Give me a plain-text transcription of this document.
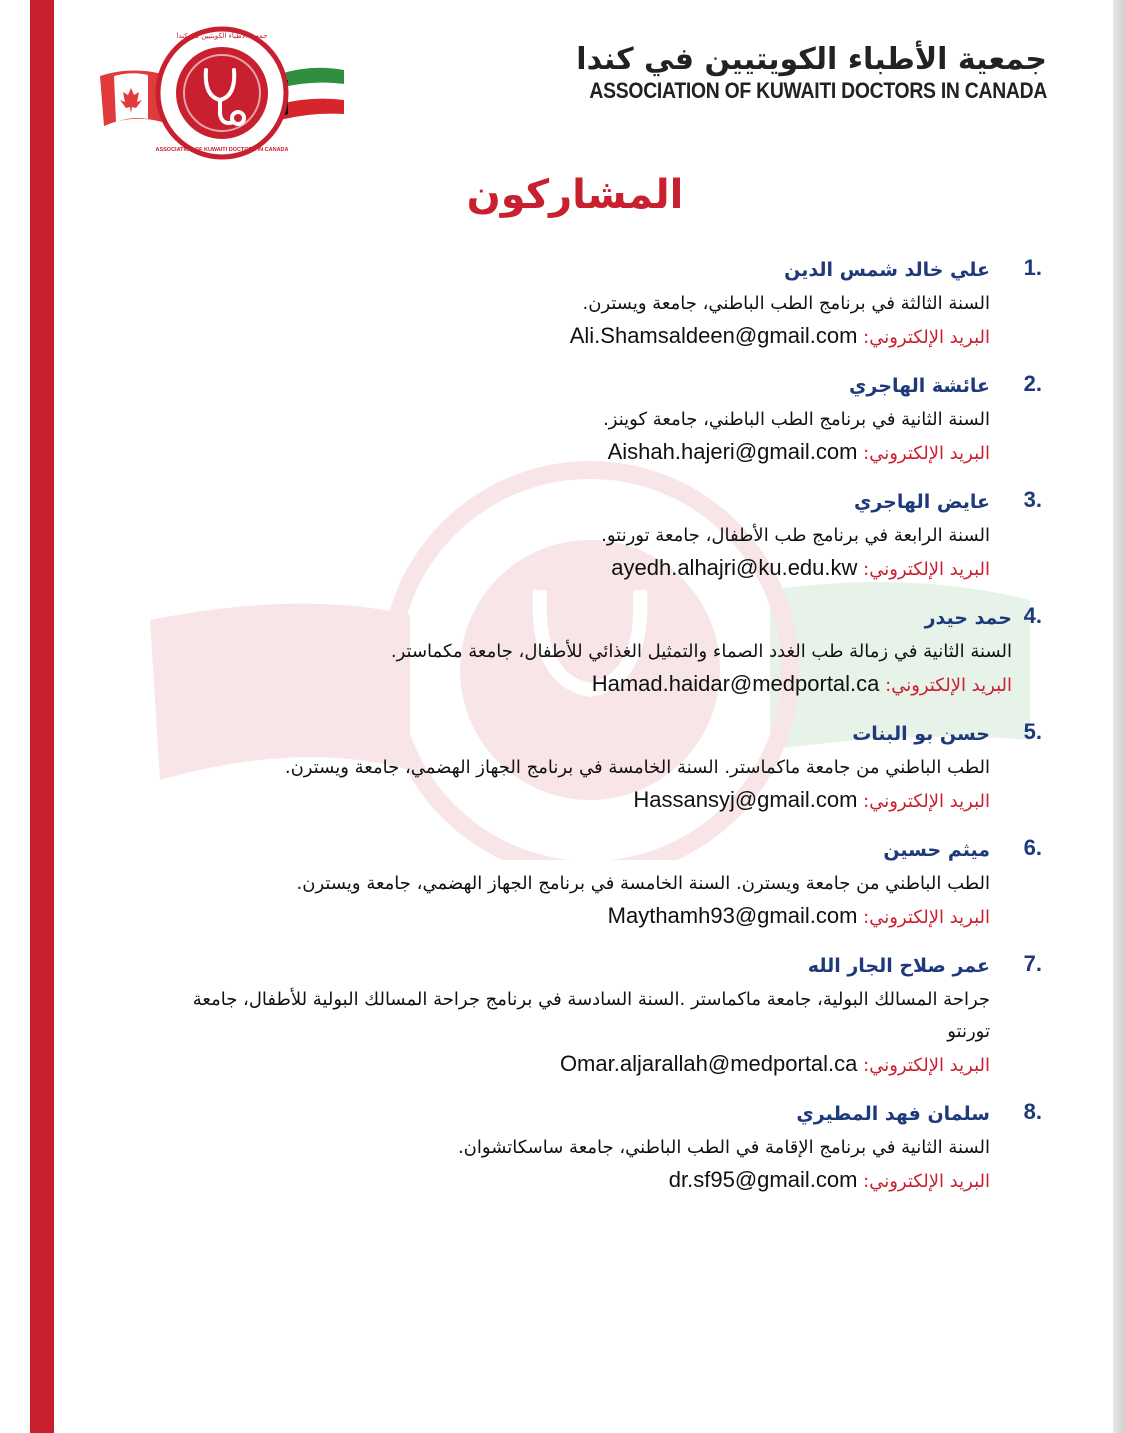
جمعية الأطباء الكويتيين في كندا
ASSOCIATION OF KUWAITI DOCTORS IN CANADA
جمعية الأطباء الكويتيين في كندا
ASSOCIATION OF KUWAITI DOCTORS IN CANADA
المشاركون
1.
علي خالد شمس الدين
السنة الثالثة في برنامج الطب الباطني، جامعة ويسترن.
البريد الإلكتروني: Ali.Shamsaldeen@gmail.com
2.
عائشة الهاجري
السنة الثانية في برنامج الطب الباطني، جامعة كوينز.
البريد الإلكتروني: Aishah.hajeri@gmail.com
3.
عايض الهاجري
السنة الرابعة في برنامج طب الأطفال، جامعة تورنتو.
البريد الإلكتروني: ayedh.alhajri@ku.edu.kw
4.
حمد حيدر
السنة الثانية في زمالة طب الغدد الصماء والتمثيل الغذائي للأطفال، جامعة مكماستر.
البريد الإلكتروني: Hamad.haidar@medportal.ca
5.
حسن بو البنات
الطب الباطني من جامعة ماكماستر. السنة الخامسة في برنامج الجهاز الهضمي، جامعة ويسترن.
البريد الإلكتروني: Hassansyj@gmail.com
6.
ميثم حسين
الطب الباطني من جامعة ويسترن. السنة الخامسة في برنامج الجهاز الهضمي، جامعة ويسترن.
البريد الإلكتروني: Maythamh93@gmail.com
7.
عمر صلاح الجار الله
جراحة المسالك البولية، جامعة ماكماستر .السنة السادسة في برنامج جراحة المسالك البولية للأطفال، جامعة تورنتو
البريد الإلكتروني: Omar.aljarallah@medportal.ca
8.
سلمان فهد المطيري
السنة الثانية في برنامج الإقامة في الطب الباطني، جامعة ساسكاتشوان.
البريد الإلكتروني: dr.sf95@gmail.com
